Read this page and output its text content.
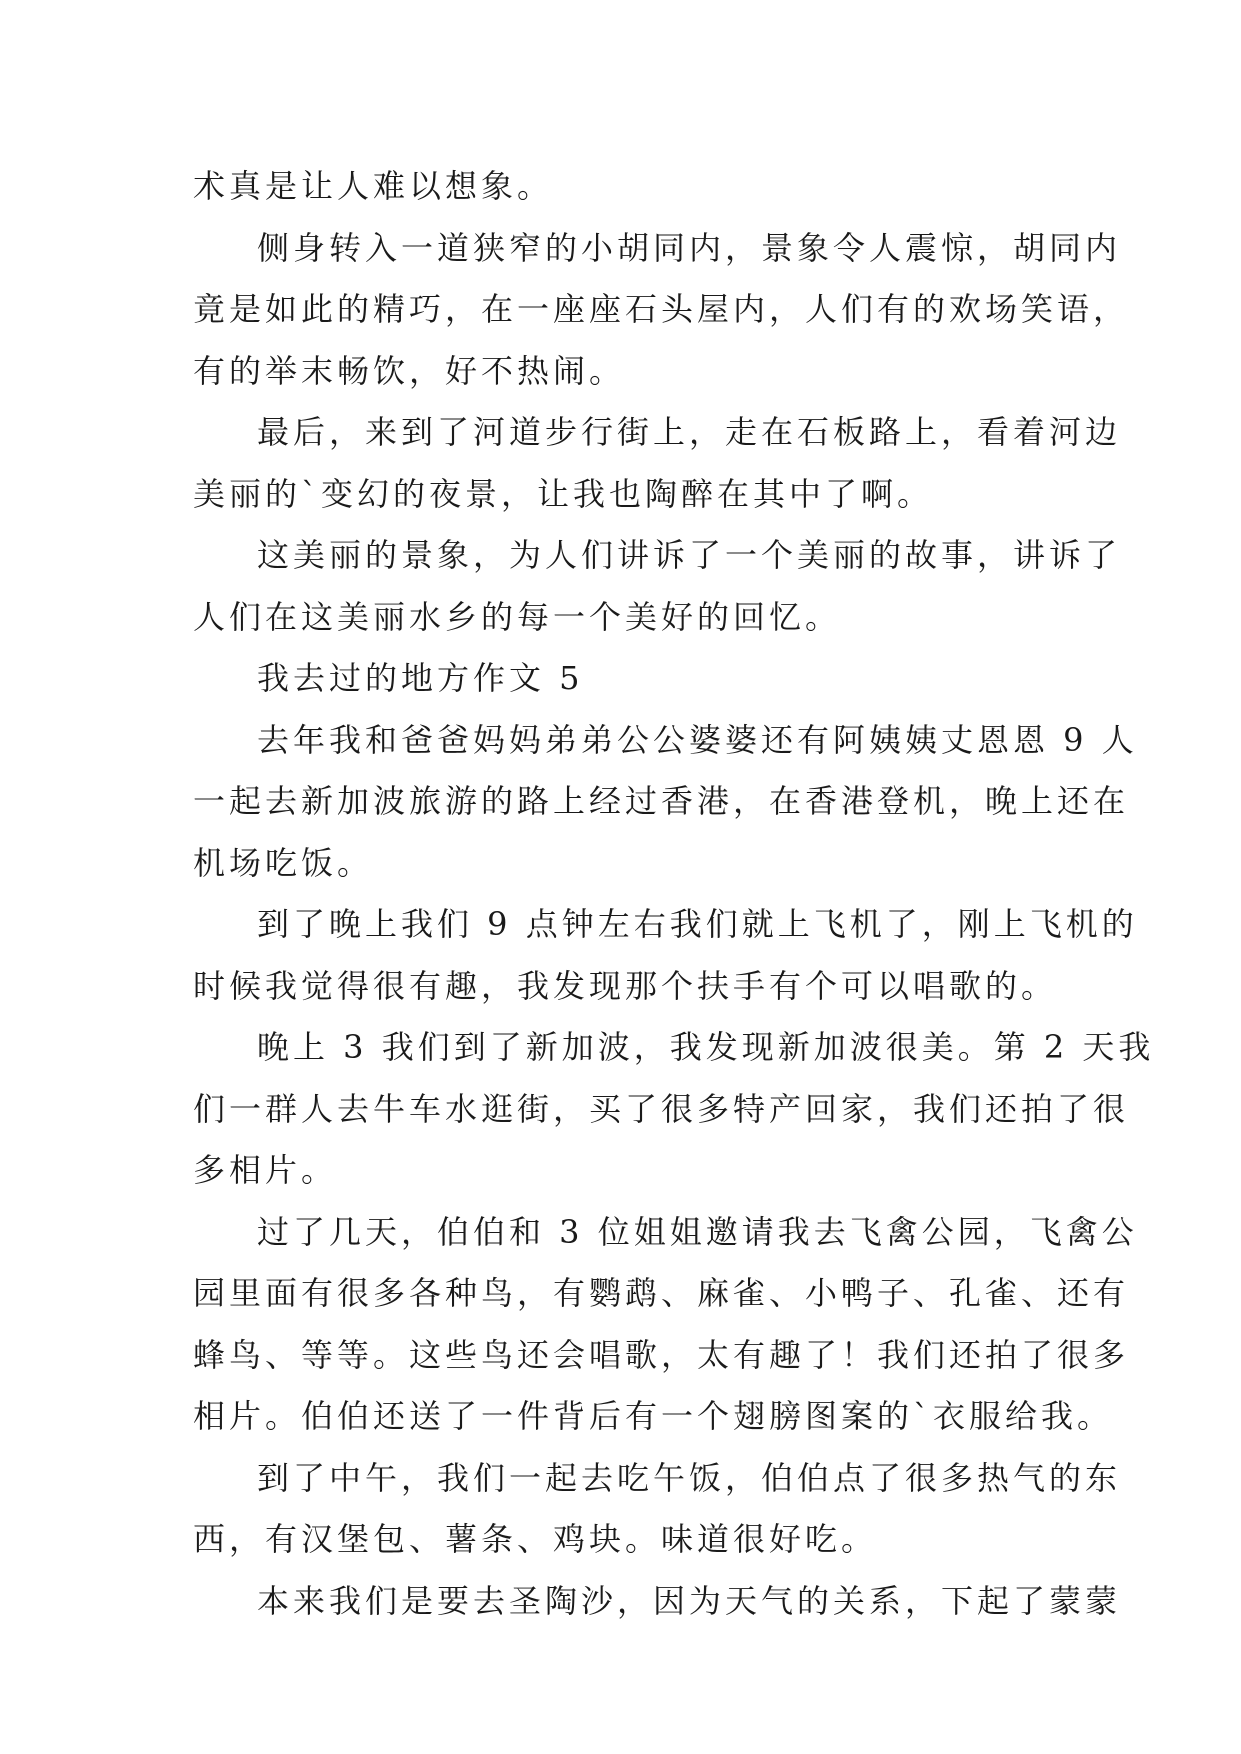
术真是让人难以想象。
侧身转入一道狭窄的小胡同内，景象令人震惊，胡同内
竟是如此的精巧，在一座座石头屋内，人们有的欢场笑语，
有的举末畅饮，好不热闹。
最后，来到了河道步行街上，走在石板路上，看着河边
美丽的`变幻的夜景，让我也陶醉在其中了啊。
这美丽的景象，为人们讲诉了一个美丽的故事，讲诉了
人们在这美丽水乡的每一个美好的回忆。
我去过的地方作文 5
去年我和爸爸妈妈弟弟公公婆婆还有阿姨姨丈恩恩 9 人
一起去新加波旅游的路上经过香港，在香港登机，晚上还在
机场吃饭。
到了晚上我们 9 点钟左右我们就上飞机了，刚上飞机的
时候我觉得很有趣，我发现那个扶手有个可以唱歌的。
晚上 3 我们到了新加波，我发现新加波很美。第 2 天我
们一群人去牛车水逛街，买了很多特产回家，我们还拍了很
多相片。
过了几天，伯伯和 3 位姐姐邀请我去飞禽公园，飞禽公
园里面有很多各种鸟，有鹦鹉、麻雀、小鸭子、孔雀、还有
蜂鸟、等等。这些鸟还会唱歌，太有趣了！我们还拍了很多
相片。伯伯还送了一件背后有一个翅膀图案的`衣服给我。
到了中午，我们一起去吃午饭，伯伯点了很多热气的东
西，有汉堡包、薯条、鸡块。味道很好吃。
本来我们是要去圣陶沙，因为天气的关系，下起了蒙蒙
